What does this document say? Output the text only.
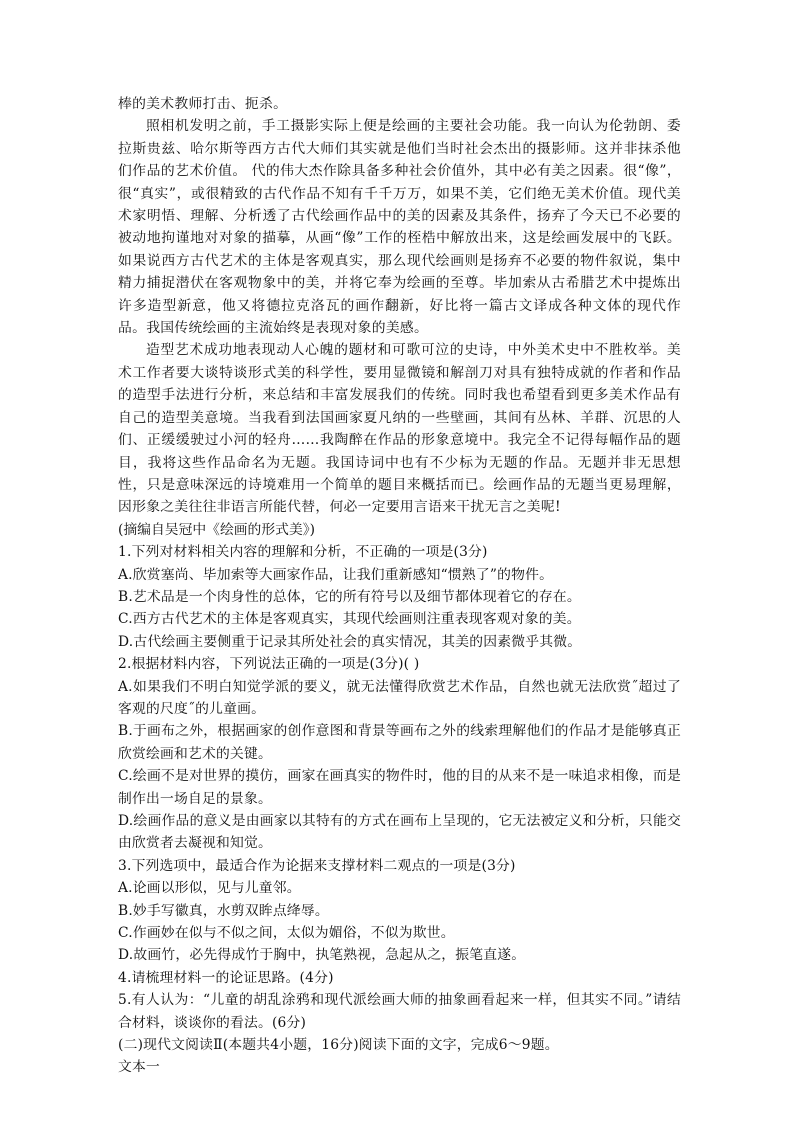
棒的美术教师打击、扼杀。

照相机发明之前，手工摄影实际上便是绘画的主要社会功能。我一向认为伦勃朗、委拉斯贵兹、哈尔斯等西方古代大师们其实就是他们当时社会杰出的摄影师。这并非抹杀他们作品的艺术价值。 代的伟大杰作除具备多种社会价值外，其中必有美之因素。很“像”，很“真实”，或很精致的古代作品不知有千千万万，如果不美，它们绝无美术价值。现代美术家明悟、理解、分析透了古代绘画作品中的美的因素及其条件，扬弃了今天已不必要的被动地拘谨地对对象的描摹，从画“像”工作的桎梏中解放出来，这是绘画发展中的飞跃。如果说西方古代艺术的主体是客观真实，那么现代绘画则是扬弃不必要的物件叙说，集中精力捕捉潜伏在客观物象中的美，并将它奉为绘画的至尊。毕加索从古希腊艺术中提炼出许多造型新意，他又将德拉克洛瓦的画作翻新，好比将一篇古文译成各种文体的现代作品。我国传统绘画的主流始终是表现对象的美感。

造型艺术成功地表现动人心魄的题材和可歌可泣的史诗，中外美术史中不胜枚举。美术工作者要大谈特谈形式美的科学性，要用显微镜和解剖刀对具有独特成就的作者和作品的造型手法进行分析，来总结和丰富发展我们的传统。同时我也希望看到更多美术作品有自己的造型美意境。当我看到法国画家夏凡纳的一些壁画，其间有丛林、羊群、沉思的人们、正缓缓驶过小河的轻舟……我陶醉在作品的形象意境中。我完全不记得每幅作品的题目，我将这些作品命名为无题。我国诗词中也有不少标为无题的作品。无题并非无思想性，只是意味深远的诗境难用一个简单的题目来概括而已。绘画作品的无题当更易理解，因形象之美往往非语言所能代替，何必一定要用言语来干扰无言之美呢!

(摘编自吴冠中《绘画的形式美》)

1.下列对材料相关内容的理解和分析，不正确的一项是(3分)

A.欣赏塞尚、毕加索等大画家作品，让我们重新感知“惯熟了”的物件。

B.艺术品是一个肉身性的总体，它的所有符号以及细节都体现着它的存在。

C.西方古代艺术的主体是客观真实，其现代绘画则注重表现客观对象的美。

D.古代绘画主要侧重于记录其所处社会的真实情况，其美的因素微乎其微。

2.根据材料内容，下列说法正确的一项是(3分)( )

A.如果我们不明白知觉学派的要义，就无法懂得欣赏艺术作品，自然也就无法欣赏˝超过了客观的尺度˝的儿童画。

B.于画布之外，根据画家的创作意图和背景等画布之外的线索理解他们的作品才是能够真正欣赏绘画和艺术的关键。

C.绘画不是对世界的摸仿，画家在画真实的物件时，他的目的从来不是一味追求相像，而是制作出一场自足的景象。

D.绘画作品的意义是由画家以其特有的方式在画布上呈现的，它无法被定义和分析，只能交由欣赏者去凝视和知觉。

3.下列选项中，最适合作为论据来支撑材料二观点的一项是(3分)

A.论画以形似，见与儿童邻。

B.妙手写徽真，水剪双眸点绛辱。

C.作画妙在似与不似之间，太似为媚俗，不似为欺世。

D.故画竹，必先得成竹于胸中，执笔熟视，急起从之，振笔直遂。

4.请梳理材料一的论证思路。(4分)

5.有人认为：“儿童的胡乱涂鸦和现代派绘画大师的抽象画看起来一样，但其实不同。”请结合材料，谈谈你的看法。(6分)

(二)现代文阅读Ⅱ(本题共4小题，16分)阅读下面的文字，完成6～9题。

文本一
